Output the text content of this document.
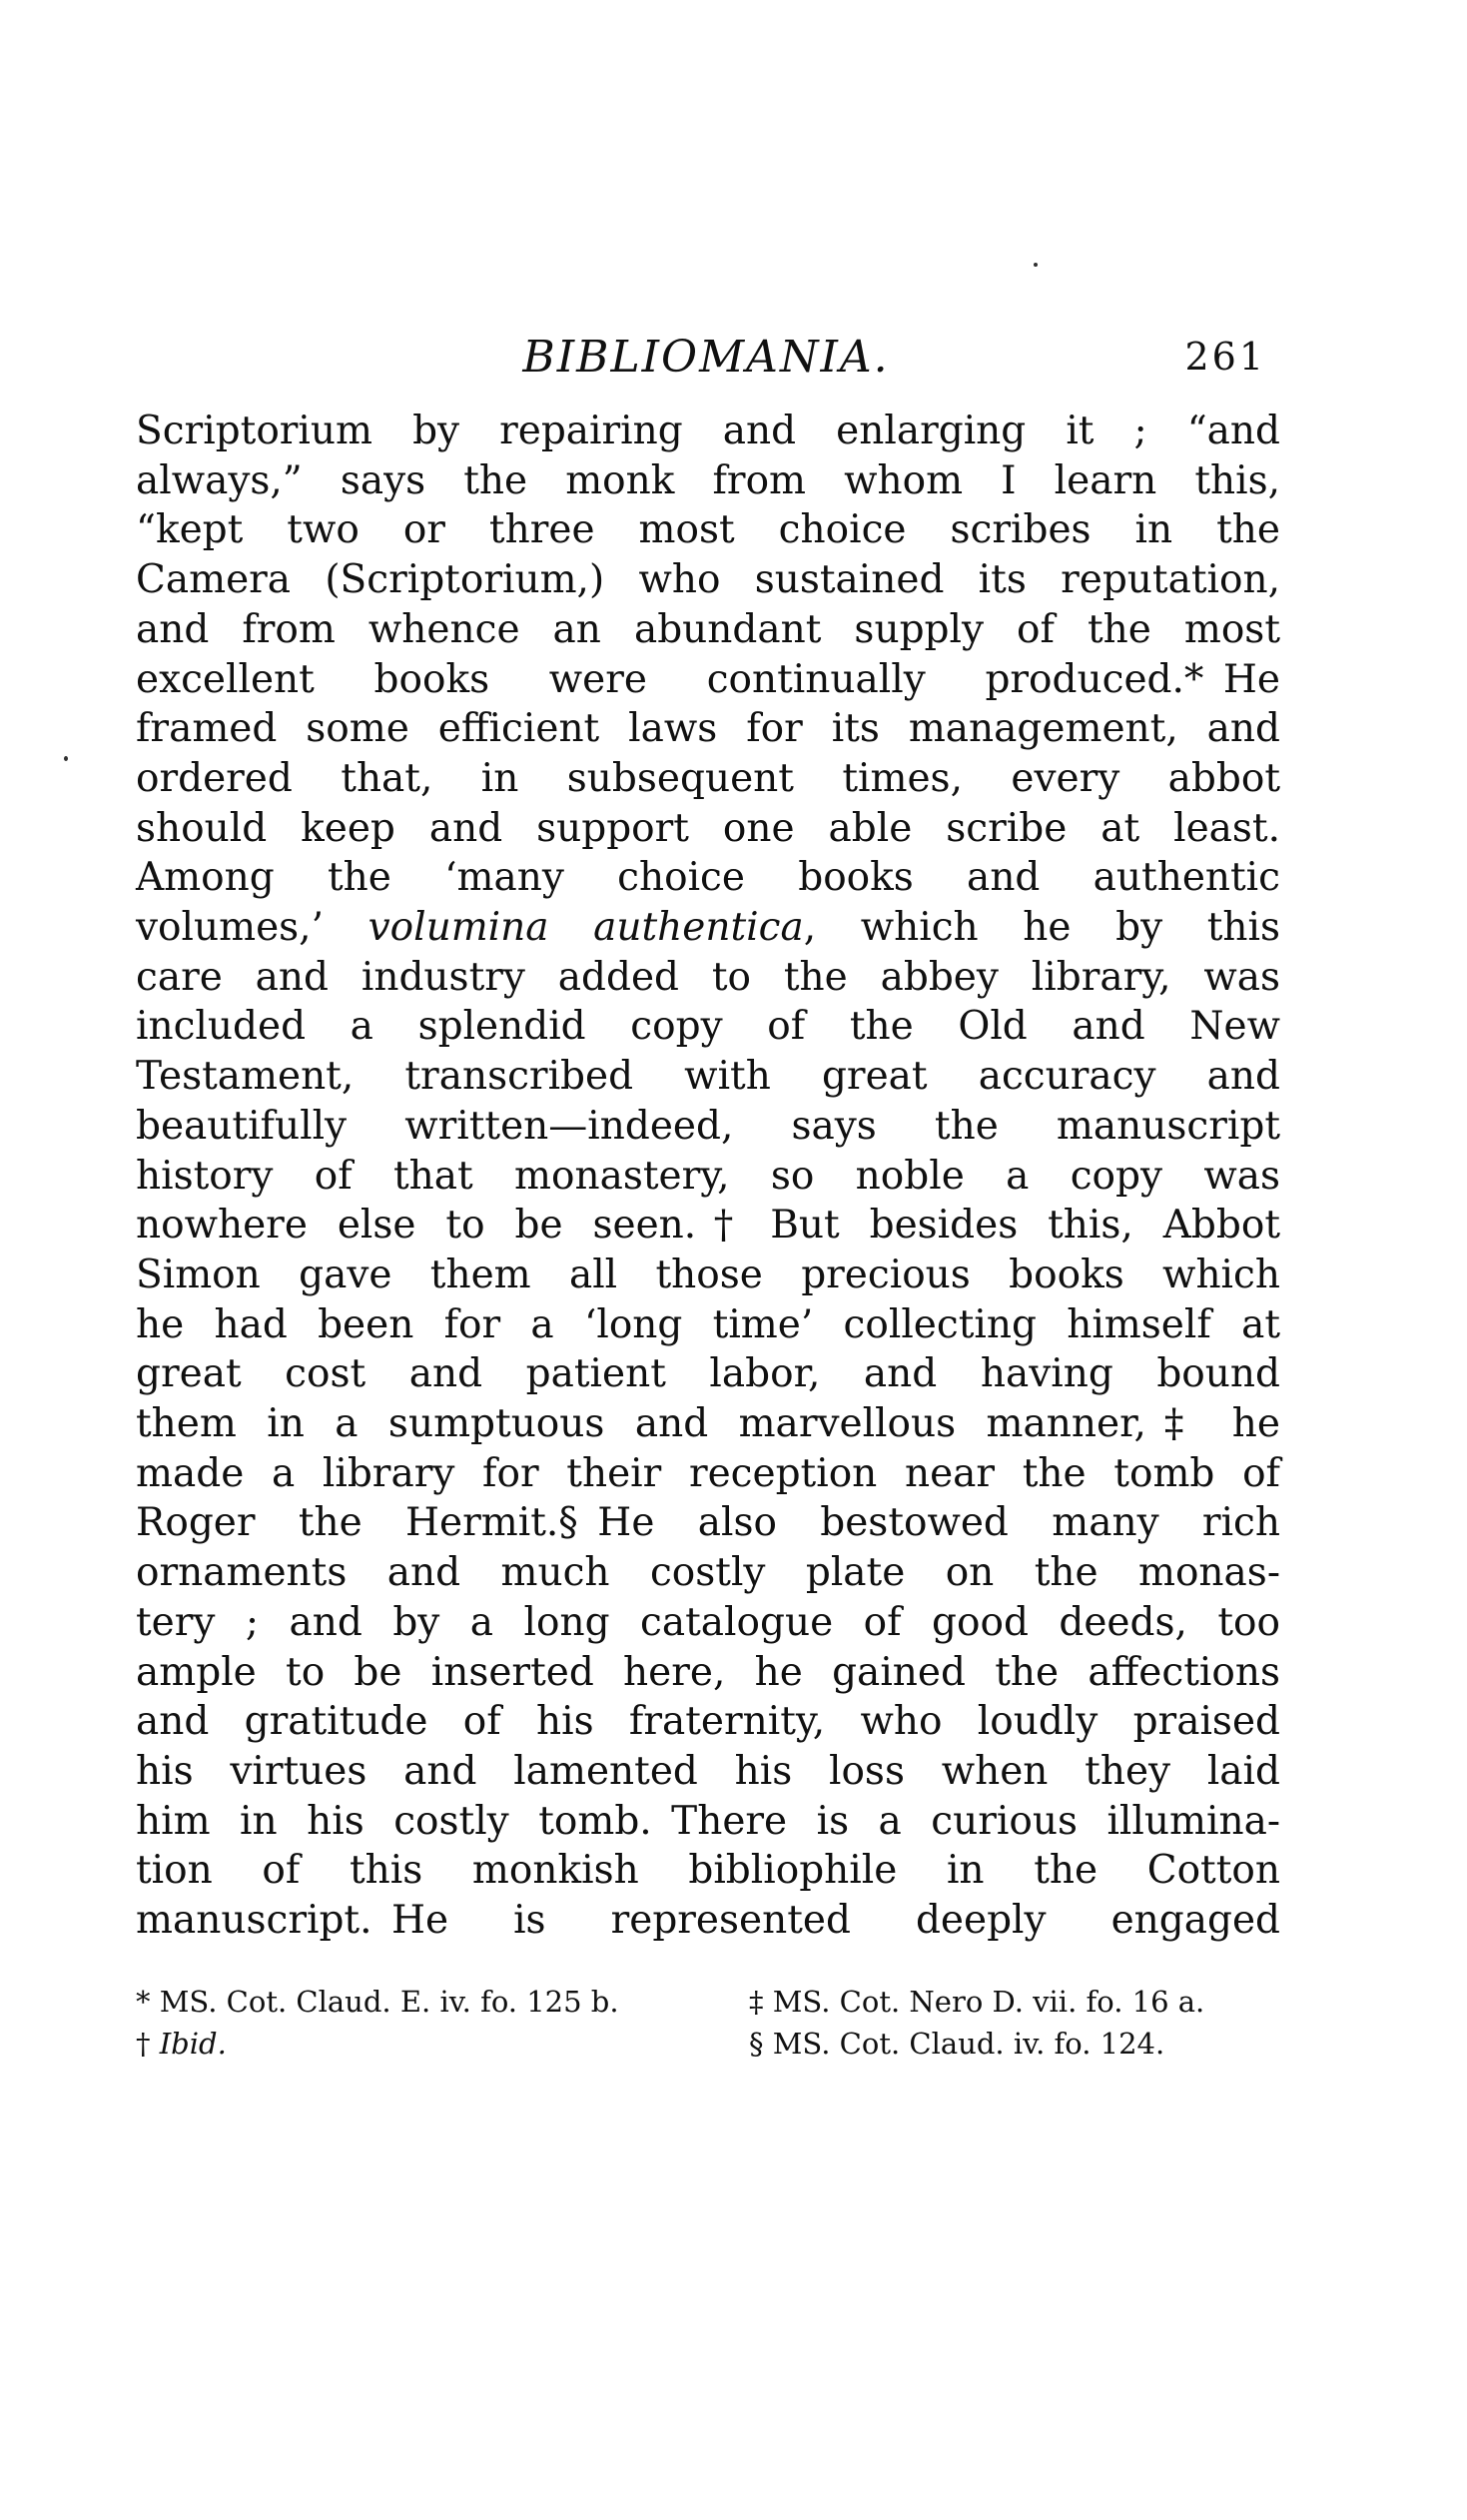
BIBLIOMANIA.	261
Scriptorium by repairing and enlarging it ; “and
always,” says the monk from whom I learn this,
“kept two or three most choice scribes in the
Camera (Scriptorium,) who sustained its reputation,
and from whence an abundant supply of the most
excellent books were continually produced.* He
framed some efficient laws for its management, and
ordered that, in subsequent times, every abbot
should keep and support one able scribe at least.
Among the ‘many choice books and authentic
volumes,’ volumina authentica, which he by this
care and industry added to the abbey library, was
included a splendid copy of the Old and New
Testament, transcribed with great accuracy and
beautifully written—indeed, says the manuscript
history of that monastery, so noble a copy was
nowhere else to be seen.† But besides this, Abbot
Simon gave them all those precious books which
he had been for a ‘long time’ collecting himself at
great cost and patient labor, and having bound
them in a sumptuous and marvellous manner,‡ he
made a library for their reception near the tomb of
Roger the Hermit.§ He also bestowed many rich
ornaments and much costly plate on the monas-
tery ; and by a long catalogue of good deeds, too
ample to be inserted here, he gained the affections
and gratitude of his fraternity, who loudly praised
his virtues and lamented his loss when they laid
him in his costly tomb. There is a curious illumina-
tion of this monkish bibliophile in the Cotton
manuscript. He is represented deeply engaged
* MS. Cot. Claud. E. iv. fo. 125 b.
† Ibid.
‡ MS. Cot. Nero D. vii. fo. 16 a.
§ MS. Cot. Claud. iv. fo. 124.
